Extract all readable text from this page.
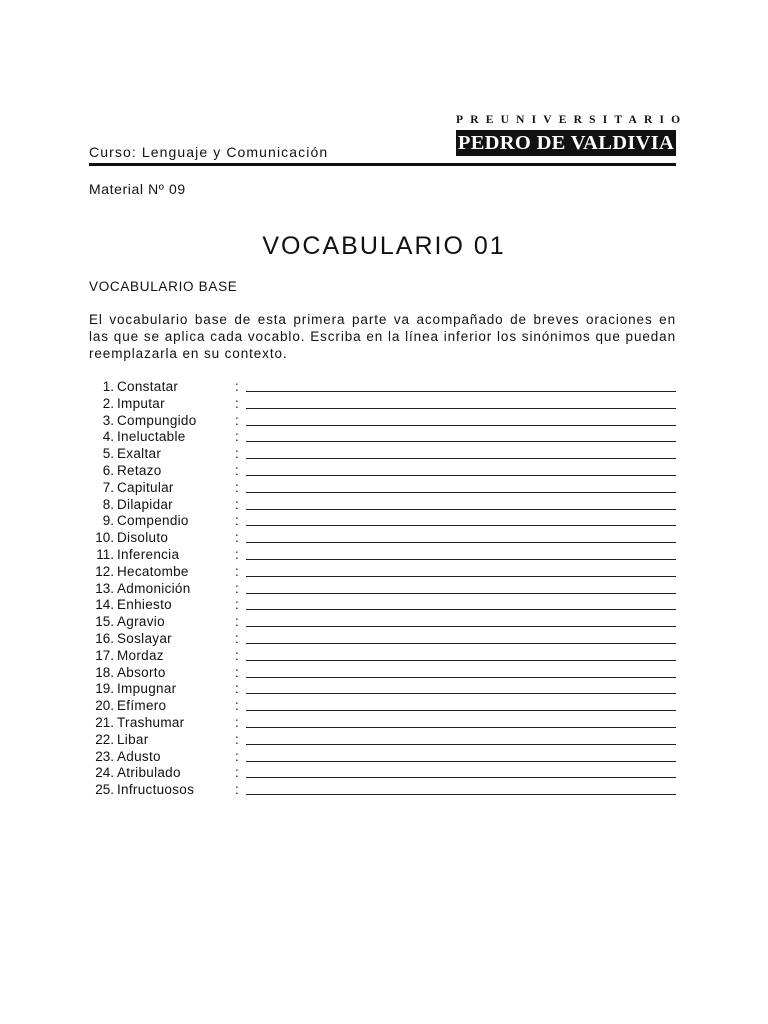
PREUNIVERSITARIO
PEDRO DE VALDIVIA
Curso: Lenguaje y Comunicación
Material Nº 09
VOCABULARIO 01
VOCABULARIO BASE

El vocabulario base de esta primera parte va acompañado de breves oraciones en las que se aplica cada vocablo. Escriba en la línea inferior los sinónimos que puedan reemplazarla en su contexto.

1. Constatar	:
2. Imputar	:
3. Compungido	:
4. Ineluctable	:
5. Exaltar	:
6. Retazo	:
7. Capitular	:
8. Dilapidar	:
9. Compendio	:
10. Disoluto	:
11. Inferencia	:
12. Hecatombe	:
13. Admonición	:
14. Enhiesto	:
15. Agravio	:
16. Soslayar	:
17. Mordaz	:
18. Absorto	:
19. Impugnar	:
20. Efímero	:
21. Trashumar	:
22. Libar	:
23. Adusto	:
24. Atribulado	:
25. Infructuosos	:
